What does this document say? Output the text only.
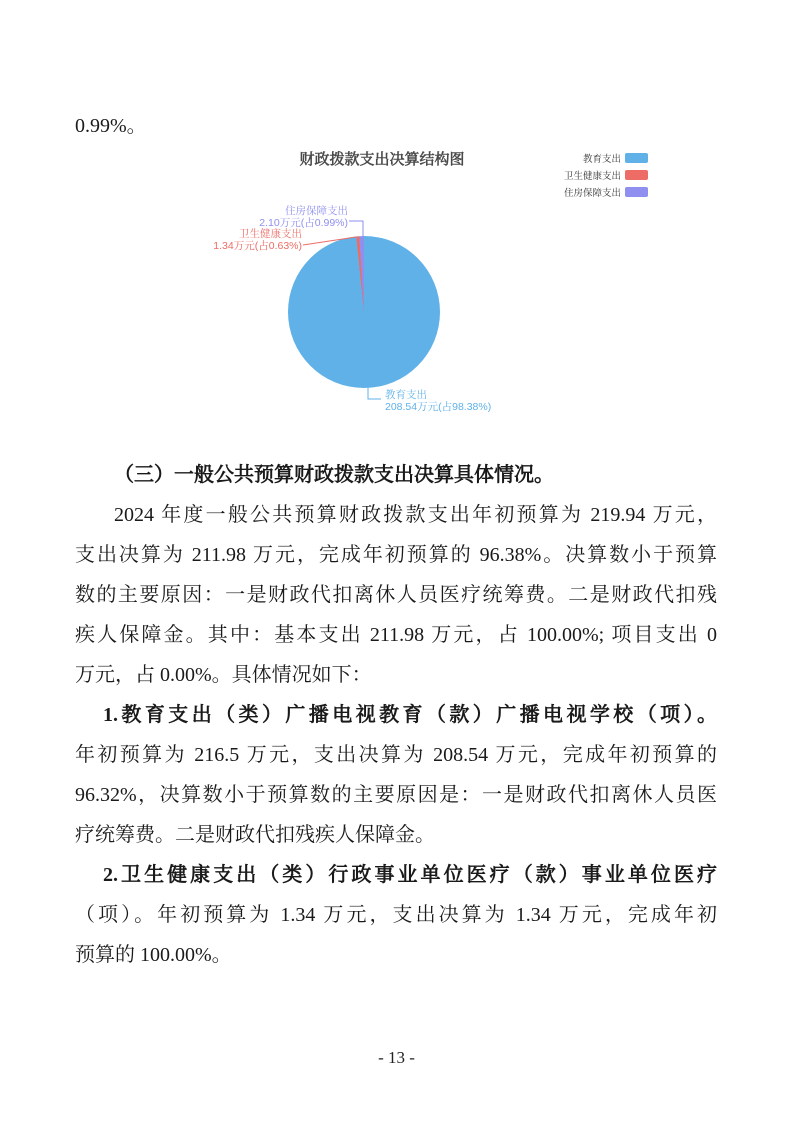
0.99%。
财政拨款支出决算结构图	教育支出
卫生健康支出
住房保障支出
住房保障支出
2.10万元(占0.99%)
卫生健康支出
1.34万元(占0.63%)
教育支出
208.54万元(占98.38%)
（三）一般公共预算财政拨款支出决算具体情况。
2024 年度一般公共预算财政拨款支出年初预算为 219.94 万元，
支出决算为 211.98 万元，完成年初预算的 96.38%。决算数小于预算
数的主要原因：一是财政代扣离休人员医疗统筹费。二是财政代扣残
疾人保障金。其中：基本支出 211.98 万元，占 100.00%; 项目支出 0
万元，占 0.00%。具体情况如下：
1.教育支出（类）广播电视教育（款）广播电视学校（项）。
年初预算为 216.5 万元，支出决算为 208.54 万元，完成年初预算的
96.32%，决算数小于预算数的主要原因是：一是财政代扣离休人员医
疗统筹费。二是财政代扣残疾人保障金。
2.卫生健康支出（类）行政事业单位医疗（款）事业单位医疗
（项）。年初预算为 1.34 万元，支出决算为 1.34 万元，完成年初
预算的 100.00%。
- 13 -
